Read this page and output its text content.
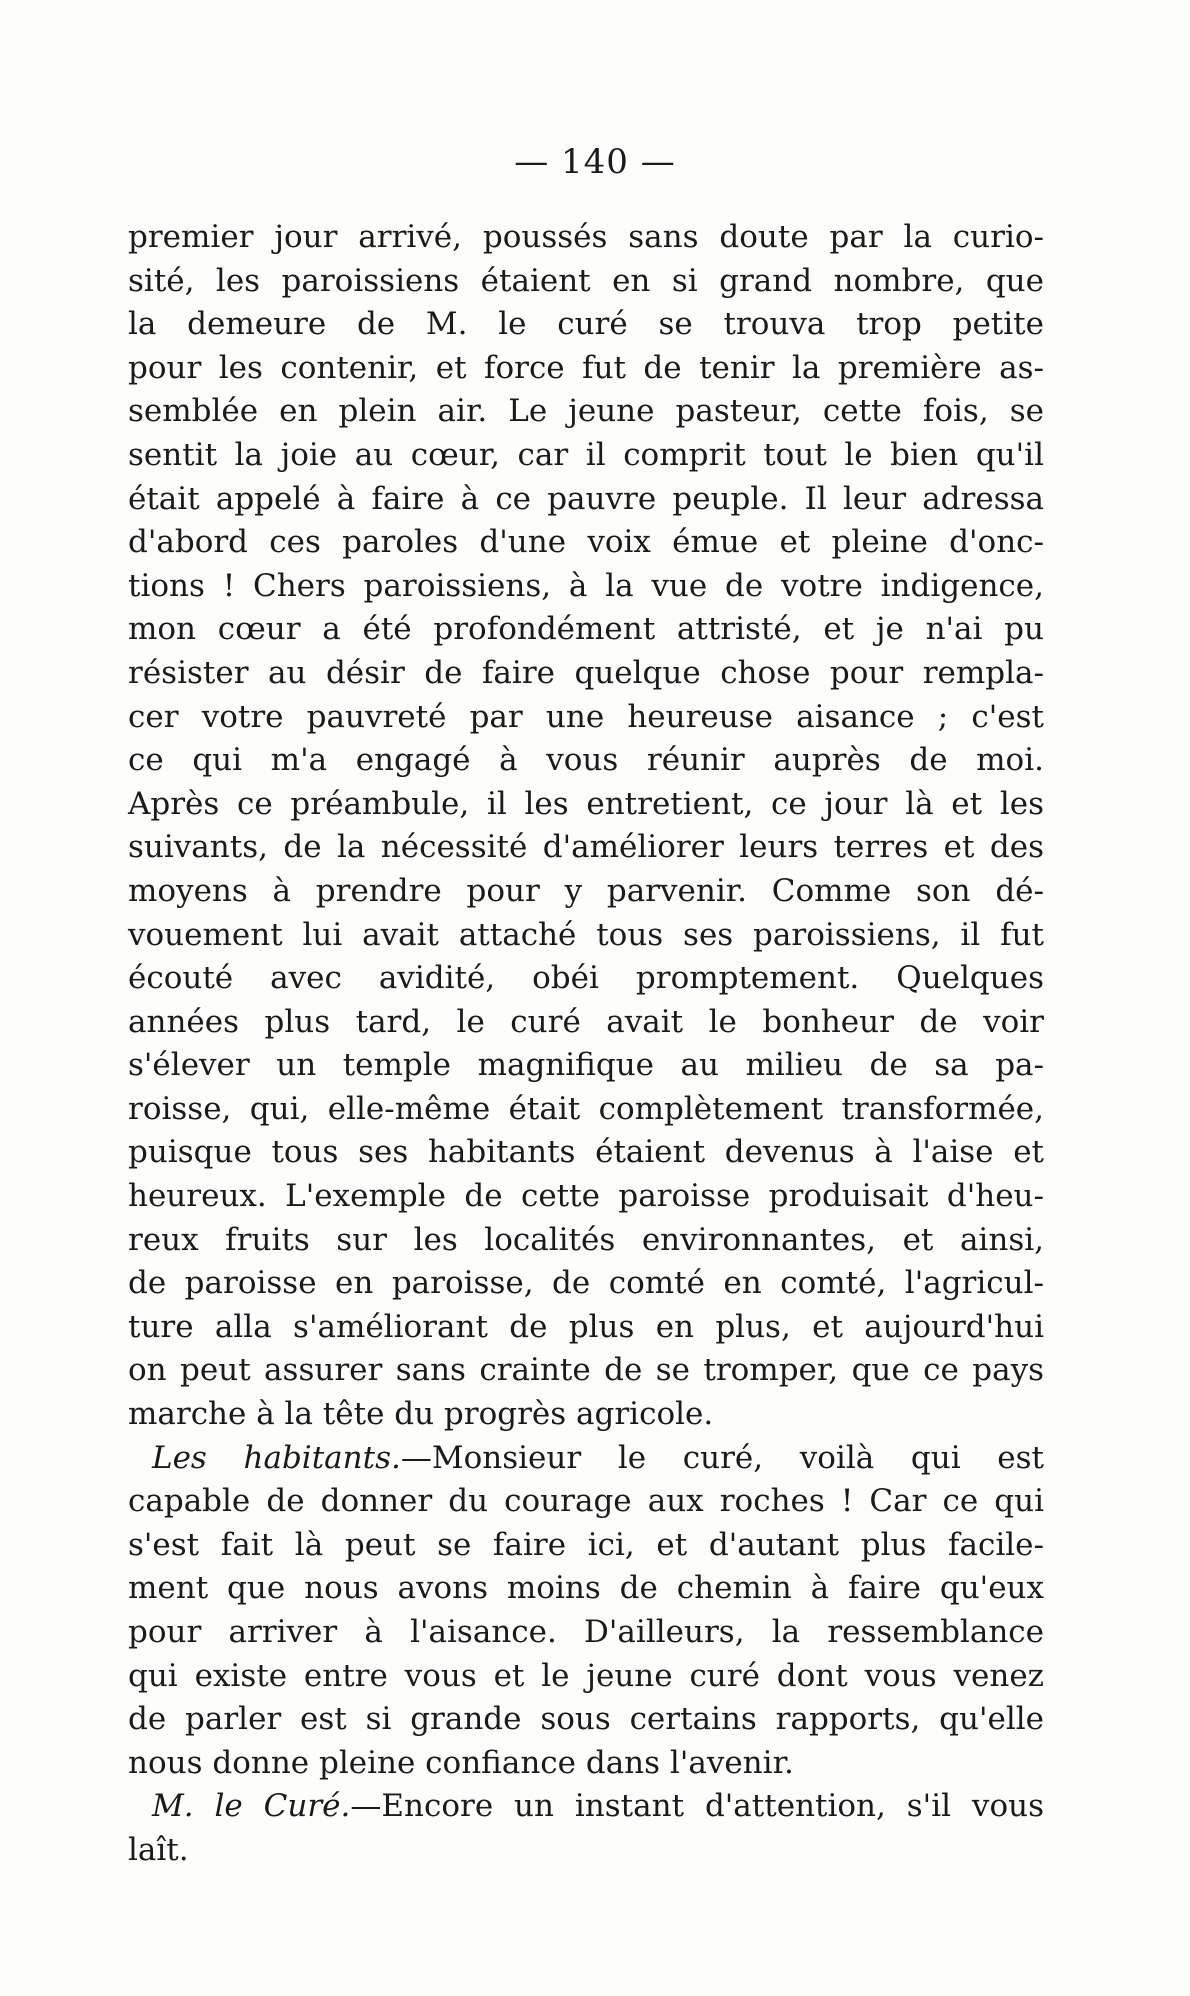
— 140 —
premier jour arrivé, poussés sans doute par la curio-
sité, les paroissiens étaient en si grand nombre, que
la demeure de M. le curé se trouva trop petite
pour les contenir, et force fut de tenir la première as-
semblée en plein air. Le jeune pasteur, cette fois, se
sentit la joie au cœur, car il comprit tout le bien qu'il
était appelé à faire à ce pauvre peuple. Il leur adressa
d'abord ces paroles d'une voix émue et pleine d'onc-
tions ! Chers paroissiens, à la vue de votre indigence,
mon cœur a été profondément attristé, et je n'ai pu
résister au désir de faire quelque chose pour rempla-
cer votre pauvreté par une heureuse aisance ; c'est
ce qui m'a engagé à vous réunir auprès de moi.
Après ce préambule, il les entretient, ce jour là et les
suivants, de la nécessité d'améliorer leurs terres et des
moyens à prendre pour y parvenir. Comme son dé-
vouement lui avait attaché tous ses paroissiens, il fut
écouté avec avidité, obéi promptement. Quelques
années plus tard, le curé avait le bonheur de voir
s'élever un temple magnifique au milieu de sa pa-
roisse, qui, elle-même était complètement transformée,
puisque tous ses habitants étaient devenus à l'aise et
heureux. L'exemple de cette paroisse produisait d'heu-
reux fruits sur les localités environnantes, et ainsi,
de paroisse en paroisse, de comté en comté, l'agricul-
ture alla s'améliorant de plus en plus, et aujourd'hui
on peut assurer sans crainte de se tromper, que ce pays
marche à la tête du progrès agricole.
Les habitants.—Monsieur le curé, voilà qui est
capable de donner du courage aux roches ! Car ce qui
s'est fait là peut se faire ici, et d'autant plus facile-
ment que nous avons moins de chemin à faire qu'eux
pour arriver à l'aisance. D'ailleurs, la ressemblance
qui existe entre vous et le jeune curé dont vous venez
de parler est si grande sous certains rapports, qu'elle
nous donne pleine confiance dans l'avenir.
M. le Curé.—Encore un instant d'attention, s'il vous
laît.
